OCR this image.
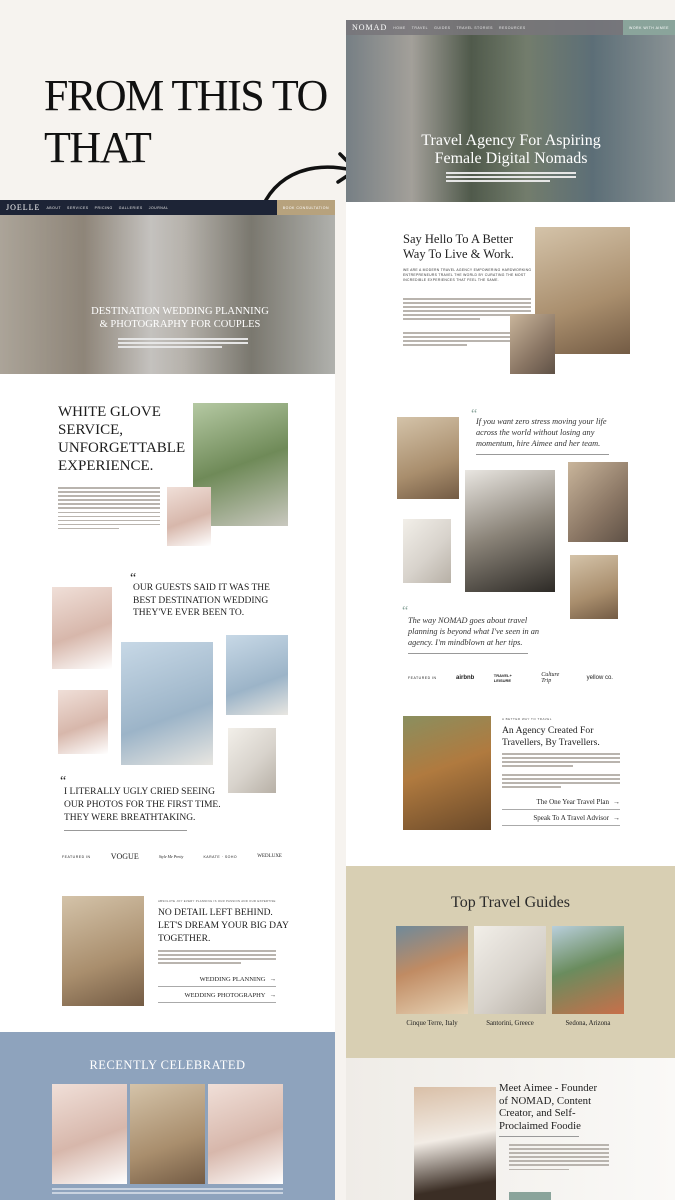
FROM THIS TO
THAT
JOELLE	ABOUT SERVICES PRICING GALLERIES JOURNAL	BOOK CONSULTATION
DESTINATION WEDDING PLANNING
& PHOTOGRAPHY FOR COUPLES
WHITE GLOVE
SERVICE,
UNFORGETTABLE
EXPERIENCE.
“
OUR GUESTS SAID IT WAS THE
BEST DESTINATION WEDDING
THEY'VE EVER BEEN TO.
“
I LITERALLY UGLY CRIED SEEING
OUR PHOTOS FOR THE FIRST TIME.
THEY WERE BREATHTAKING.
FEATURED IN	VOGUE	Style Me Pretty	KARATE · SOHO	WEDLUXE
ABSOLUTE JOY EVERY PLANNING IS OUR PASSION AND OUR EXPERTISE
NO DETAIL LEFT BEHIND.
LET'S DREAM YOUR BIG DAY
TOGETHER.
WEDDING PLANNING →
WEDDING PHOTOGRAPHY →
RECENTLY CELEBRATED
NOMAD	HOME TRAVEL GUIDES TRAVEL STORIES RESOURCES	WORK WITH AIMEE
Travel Agency For Aspiring
Female Digital Nomads
Say Hello To A Better
Way To Live & Work.
WE ARE A MODERN TRAVEL AGENCY EMPOWERING HARDWORKING ENTREPRENEURS TRAVEL THE WORLD BY CURATING THE MOST INCREDIBLE EXPERIENCES THAT FEEL THE SAME.
“
If you want zero stress moving your life
across the world without losing any
momentum, hire Aimee and her team.
“
The way NOMAD goes about travel
planning is beyond what I've seen in an
agency. I'm mindblown at her tips.
FEATURED IN	airbnb	TRAVEL+ LEISURE
Culture Trip	yellow co.
A BETTER WAY TO TRAVEL
An Agency Created For
Travellers, By Travellers.
The One Year Travel Plan →
Speak To A Travel Advisor →
Top Travel Guides
Cinque Terre, Italy	Santorini, Greece	Sedona, Arizona
Meet Aimee - Founder
of NOMAD, Content
Creator, and Self-
Proclaimed Foodie
